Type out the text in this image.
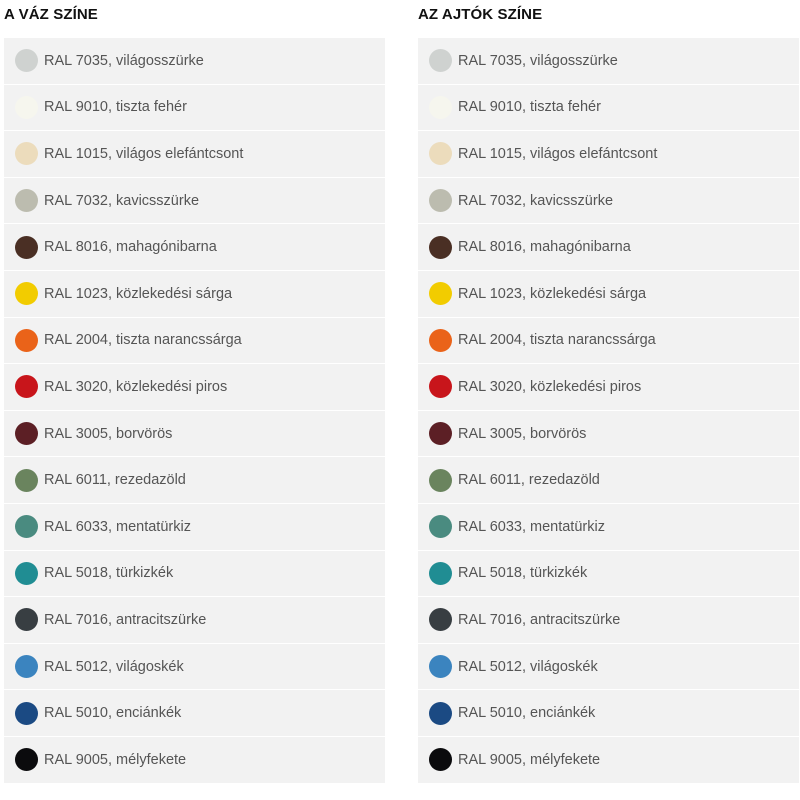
A VÁZ SZÍNE
RAL 7035, világosszürke
RAL 9010, tiszta fehér
RAL 1015, világos elefántcsont
RAL 7032, kavicsszürke
RAL 8016, mahagónibarna
RAL 1023, közlekedési sárga
RAL 2004, tiszta narancssárga
RAL 3020, közlekedési piros
RAL 3005, borvörös
RAL 6011, rezedazöld
RAL 6033, mentatürkiz
RAL 5018, türkizkék
RAL 7016, antracitszürke
RAL 5012, világoskék
RAL 5010, enciánkék
RAL 9005, mélyfekete
AZ AJTÓK SZÍNE
RAL 7035, világosszürke
RAL 9010, tiszta fehér
RAL 1015, világos elefántcsont
RAL 7032, kavicsszürke
RAL 8016, mahagónibarna
RAL 1023, közlekedési sárga
RAL 2004, tiszta narancssárga
RAL 3020, közlekedési piros
RAL 3005, borvörös
RAL 6011, rezedazöld
RAL 6033, mentatürkiz
RAL 5018, türkizkék
RAL 7016, antracitszürke
RAL 5012, világoskék
RAL 5010, enciánkék
RAL 9005, mélyfekete
